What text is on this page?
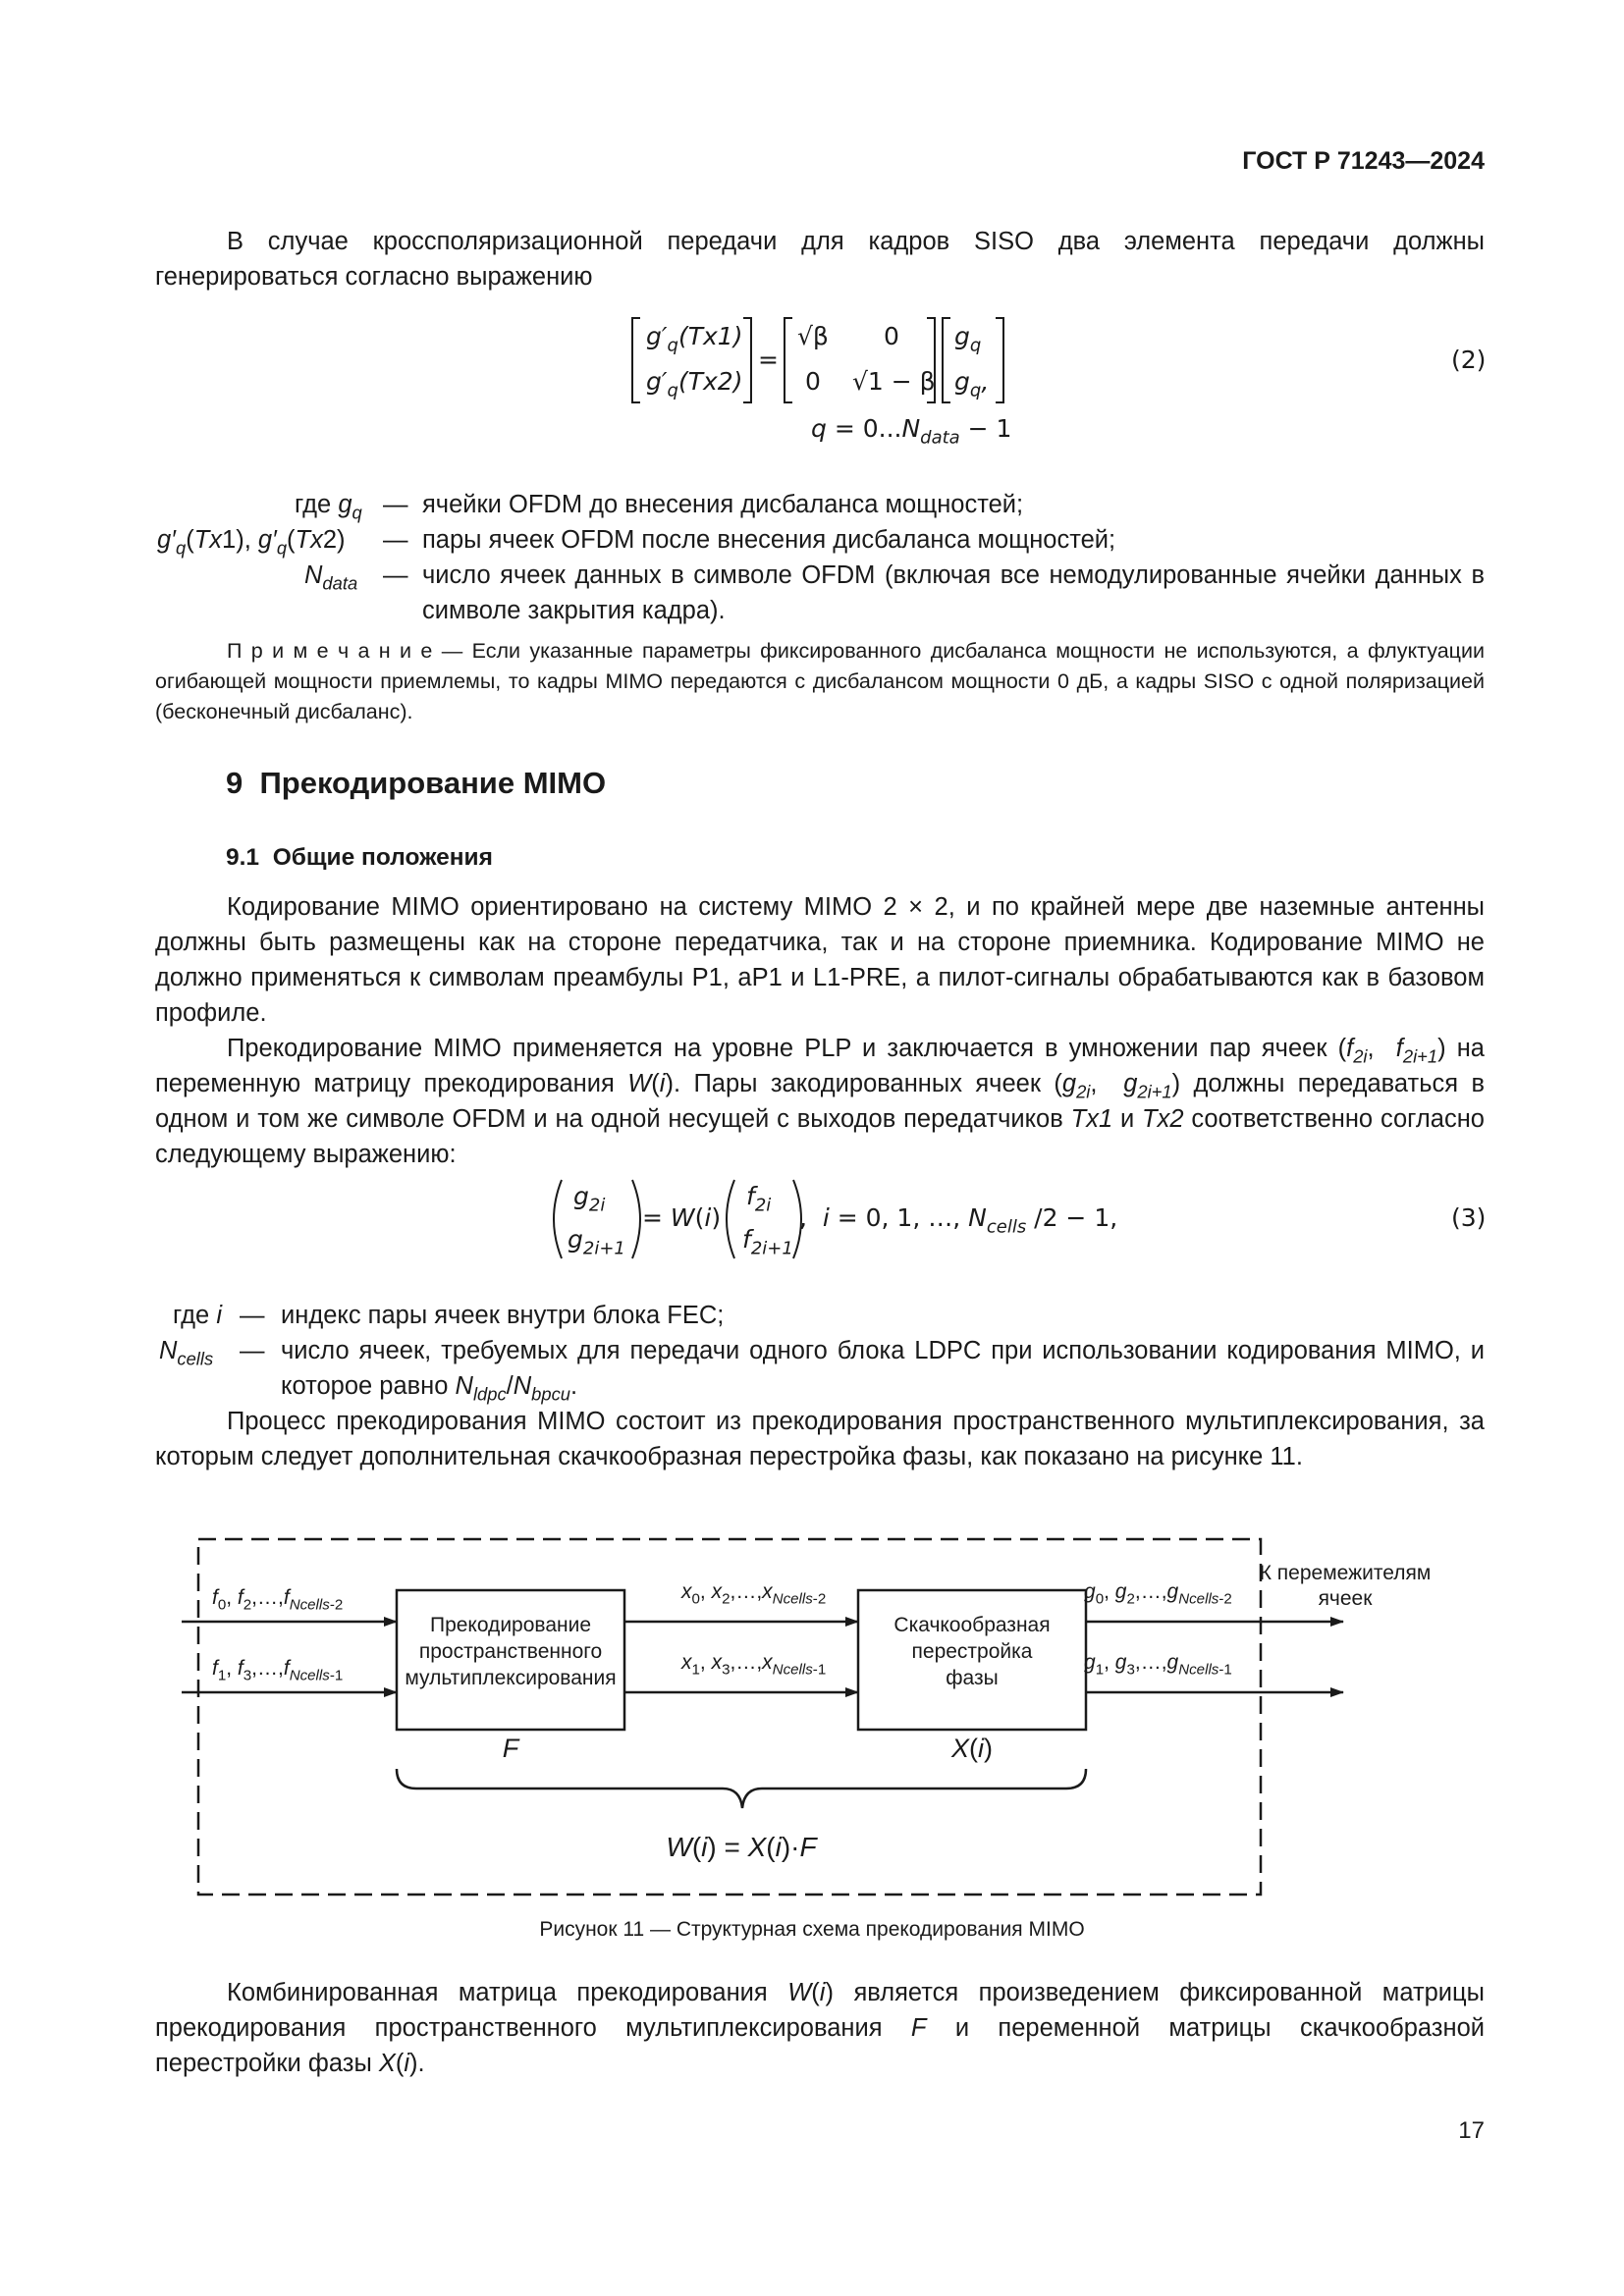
ГОСТ Р 71243—2024

В случае кроссполяризационной передачи для кадров SISO два элемента передачи должны генерироваться согласно выражению

$g'_q(Tx1)$
$g'_q(Tx2)$
=
√β 0
0 √1 − β
$g_q$
$g_q$,
$q = 0...N_{data} - 1$
(2)
где $g_q$ — ячейки OFDM до внесения дисбаланса мощностей;
$g'_q(Tx1)$, $g'_q(Tx2)$ — пары ячеек OFDM после внесения дисбаланса мощностей;
$N_{data}$ — число ячеек данных в символе OFDM (включая все немодулированные ячейки данных в символе закрытия кадра).

П р и м е ч а н и е — Если указанные параметры фиксированного дисбаланса мощности не используются, а флуктуации огибающей мощности приемлемы, то кадры MIMO передаются с дисбалансом мощности 0 дБ, а кадры SISO с одной поляризацией (бесконечный дисбаланс).

9 Прекодирование MIMO
9.1 Общие положения

Кодирование MIMO ориентировано на систему MIMO 2 × 2, и по крайней мере две наземные антенны должны быть размещены как на стороне передатчика, так и на стороне приемника. Кодирование MIMO не должно применяться к символам преамбулы P1, aP1 и L1-PRE, а пилот-сигналы обрабатываются как в базовом профиле.

Прекодирование MIMO применяется на уровне PLP и заключается в умножении пар ячеек ($f_{2i}$,  $f_{2i+1}$) на переменную матрицу прекодирования W(i). Пары закодированных ячеек ($g_{2i}$,  $g_{2i+1}$) должны передаваться в одном и том же символе OFDM и на одной несущей с выходов передатчиков Tx1 и Tx2 соответственно согласно следующему выражению:

$g_{2i}$
$g_{2i+1}$
= W(i)
$f_{2i}$
$f_{2i+1}$
,  i = 0, 1, …, $N_{cells}$ /2 − 1,	(3)
где i — индекс пары ячеек внутри блока FEC;
$N_{cells}$ — число ячеек, требуемых для передачи одного блока LDPC при использовании кодирования MIMO, и которое равно $N_{ldpc}/N_{bpcu}$.

Процесс прекодирования MIMO состоит из прекодирования пространственного мультиплексирования, за которым следует дополнительная скачкообразная перестройка фазы, как показано на рисунке 11.

$f_0$, $f_2,\dots,f_{Ncells-2}$
$f_1$, $f_3,\dots,f_{Ncells-1}$
$x_0$, $x_2,\dots,x_{Ncells-2}$
$x_1$, $x_3,\dots,x_{Ncells-1}$
$g_0$, $g_2,\dots,g_{Ncells-2}$
$g_1$, $g_3,\dots,g_{Ncells-1}$
Прекодирование
пространственного
мультиплексирования
Скачкообразная
перестройка
фазы
К перемежителям
ячеек
F	X(i)
W(i) = X(i)·F
Рисунок 11 — Структурная схема прекодирования MIMO

Комбинированная матрица прекодирования W(i) является произведением фиксированной матрицы прекодирования пространственного мультиплексирования F и переменной матрицы скачкообразной перестройки фазы X(i).

17
